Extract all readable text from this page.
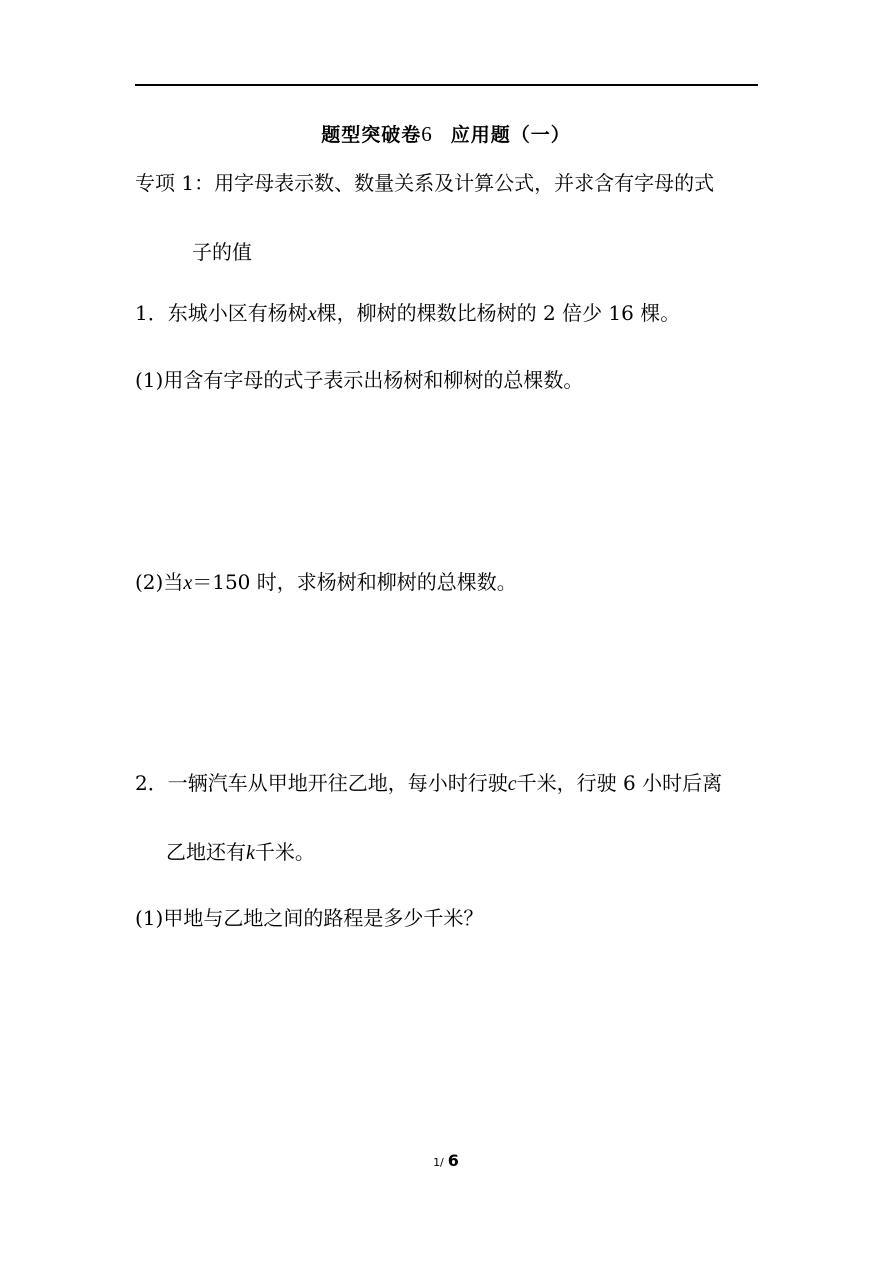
题型突破卷6 应用题（一）
专项 1：用字母表示数、数量关系及计算公式，并求含有字母的式
子的值
1．东城小区有杨树x棵，柳树的棵数比杨树的 2 倍少 16 棵。
(1)用含有字母的式子表示出杨树和柳树的总棵数。
(2)当x＝150 时，求杨树和柳树的总棵数。
2．一辆汽车从甲地开往乙地，每小时行驶c千米，行驶 6 小时后离
乙地还有k千米。
(1)甲地与乙地之间的路程是多少千米？
1/ 6
